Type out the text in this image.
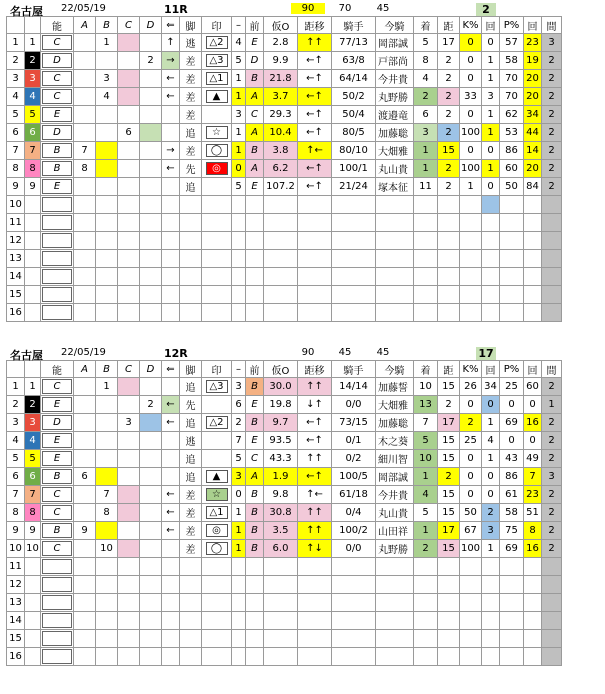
名古屋 22/05/19	11R	90	70	45	2
		能	A	B	C	D	⇐	脚	印	–	前	仮O	距移	騎手	今騎	着	距	K%	回	P%	回	間
1	1	C		1			↑	逃	△2	4	E	2.8	↑↑	77/13	岡部誠	5	17	0	0	57	23	3
2	2	D				2	→	差	△3	5	D	9.9	←↑	63/8	戸部尚	8	2	0	1	58	19	2
3	3	C		3			←	差	△1	1	B	21.8	←↑	64/14	今井貴	4	2	0	1	70	20	2
4	4	C		4			←	差	▲	1	A	3.7	←↑	50/2	丸野勝	2	2	33	3	70	20	2
5	5	E						差		3	C	29.3	←↑	50/4	渡邉竜	6	2	0	1	62	34	2
6	6	D			6			追	☆	1	A	10.4	←↑	80/5	加藤聡	3	2	100	1	53	44	2
7	7	B	7				→	差	◯	1	B	3.8	↑←	80/10	大畑雅	1	15	0	0	86	14	2
8	8	B	8				←	先	◎	0	A	6.2	←↑	100/1	丸山貴	1	2	100	1	60	20	2
9	9	E						追		5	E	107.2	←↑	21/24	塚本征	11	2	1	0	50	84	2
10		

11		

12		

13		

14		

15		

16		

名古屋 22/05/19	12R	90	45	45	17
		能	A	B	C	D	⇐	脚	印	–	前	仮O	距移	騎手	今騎	着	距	K%	回	P%	回	間
1	1	C		1				追	△3	3	B	30.0	↑↑	14/14	加藤誓	10	15	26	34	25	60	2
2	2	E				2	←	先		6	E	19.8	↓↑	0/0	大畑雅	13	2	0	0	0	0	1
3	3	D			3		←	追	△2	2	B	9.7	←↑	73/15	加藤聡	7	17	2	1	69	16	2
4	4	E						逃		7	E	93.5	←↑	0/1	木之葵	5	15	25	4	0	0	2
5	5	E						追		5	C	43.3	↑↑	0/2	細川智	10	15	0	1	43	49	2
6	6	B	6					追	▲	3	A	1.9	←↑	100/5	岡部誠	1	2	0	0	86	7	3
7	7	C		7			←	差	☆	0	B	9.8	↑←	61/18	今井貴	4	15	0	0	61	23	2
8	8	C		8			←	差	△1	1	B	30.8	↑↑	0/4	丸山貴	5	15	50	2	58	51	2
9	9	B	9				←	差	◎	1	B	3.5	↑↑	100/2	山田祥	1	17	67	3	75	8	2
10	10	C		10				差	◯	1	B	6.0	↑↓	0/0	丸野勝	2	15	100	1	69	16	2
11		

12		

13		

14		

15		

16		
